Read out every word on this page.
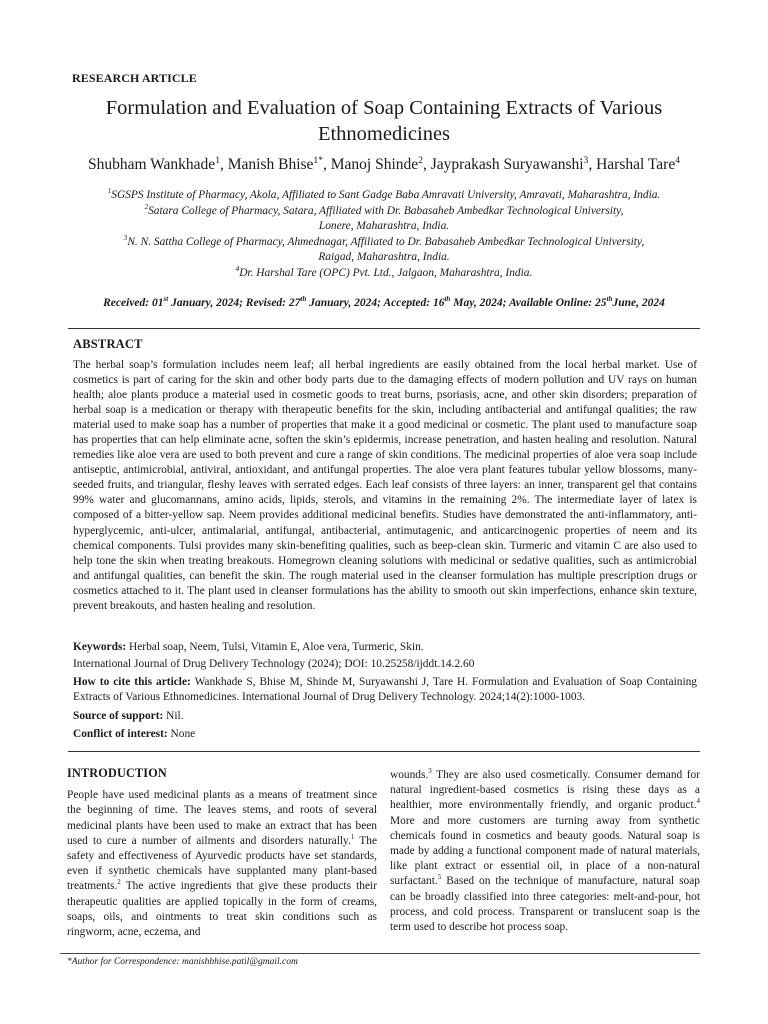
RESEARCH ARTICLE
Formulation and Evaluation of Soap Containing Extracts of Various Ethnomedicines
Shubham Wankhade$^1$, Manish Bhise$^{1*}$, Manoj Shinde$^2$, Jayprakash Suryawanshi$^3$, Harshal Tare$^4$
$^1$SGSPS Institute of Pharmacy, Akola, Affiliated to Sant Gadge Baba Amravati University, Amravati, Maharashtra, India.
$^2$Satara College of Pharmacy, Satara, Affiliated with Dr. Babasaheb Ambedkar Technological University,
Lonere, Maharashtra, India.
$^3$N. N. Sattha College of Pharmacy, Ahmednagar, Affiliated to Dr. Babasaheb Ambedkar Technological University,
Raigad, Maharashtra, India.
$^4$Dr. Harshal Tare (OPC) Pvt. Ltd., Jalgaon, Maharashtra, India.
Received: 01st January, 2024; Revised: 27th January, 2024; Accepted: 16th May, 2024; Available Online: 25thJune, 2024
ABSTRACT

The herbal soap’s formulation includes neem leaf; all herbal ingredients are easily obtained from the local herbal market. Use of cosmetics is part of caring for the skin and other body parts due to the damaging effects of modern pollution and UV rays on human health; aloe plants produce a material used in cosmetic goods to treat burns, psoriasis, acne, and other skin disorders; preparation of herbal soap is a medication or therapy with therapeutic benefits for the skin, including antibacterial and antifungal qualities; the raw material used to make soap has a number of properties that make it a good medicinal or cosmetic. The plant used to manufacture soap has properties that can help eliminate acne, soften the skin’s epidermis, increase penetration, and hasten healing and resolution. Natural remedies like aloe vera are used to both prevent and cure a range of skin conditions. The medicinal properties of aloe vera soap include antiseptic, antimicrobial, antiviral, antioxidant, and antifungal properties. The aloe vera plant features tubular yellow blossoms, many-seeded fruits, and triangular, fleshy leaves with serrated edges. Each leaf consists of three layers: an inner, transparent gel that contains 99% water and glucomannans, amino acids, lipids, sterols, and vitamins in the remaining 2%. The intermediate layer of latex is composed of a bitter-yellow sap. Neem provides additional medicinal benefits. Studies have demonstrated the anti-inflammatory, anti-hyperglycemic, anti-ulcer, antimalarial, antifungal, antibacterial, antimutagenic, and anticarcinogenic properties of neem and its chemical components. Tulsi provides many skin-benefiting qualities, such as beep-clean skin. Turmeric and vitamin C are also used to help tone the skin when treating breakouts. Homegrown cleaning solutions with medicinal or sedative qualities, such as antimicrobial and antifungal qualities, can benefit the skin. The rough material used in the cleanser formulation has multiple prescription drugs or cosmetics attached to it. The plant used in cleanser formulations has the ability to smooth out skin imperfections, enhance skin texture, prevent breakouts, and hasten healing and resolution.

Keywords: Herbal soap, Neem, Tulsi, Vitamin E, Aloe vera, Turmeric, Skin.
International Journal of Drug Delivery Technology (2024); DOI: 10.25258/ijddt.14.2.60
How to cite this article: Wankhade S, Bhise M, Shinde M, Suryawanshi J, Tare H. Formulation and Evaluation of Soap Containing Extracts of Various Ethnomedicines. International Journal of Drug Delivery Technology. 2024;14(2):1000-1003.
Source of support: Nil.
Conflict of interest: None
INTRODUCTION

People have used medicinal plants as a means of treatment since the beginning of time. The leaves stems, and roots of several medicinal plants have been used to make an extract that has been used to cure a number of ailments and disorders naturally.$^1$ The safety and effectiveness of Ayurvedic products have set standards, even if synthetic chemicals have supplanted many plant-based treatments.$^2$ The active ingredients that give these products their therapeutic qualities are applied topically in the form of creams, soaps, oils, and ointments to treat skin conditions such as ringworm, acne, eczema, and

wounds.$^3$ They are also used cosmetically. Consumer demand for natural ingredient-based cosmetics is rising these days as a healthier, more environmentally friendly, and organic product.$^4$ More and more customers are turning away from synthetic chemicals found in cosmetics and beauty goods. Natural soap is made by adding a functional component made of natural materials, like plant extract or essential oil, in place of a non-natural surfactant.$^5$ Based on the technique of manufacture, natural soap can be broadly classified into three categories: melt-and-pour, hot process, and cold process. Transparent or translucent soap is the term used to describe hot process soap.

*Author for Correspondence: manishbhise.patil@gmail.com
